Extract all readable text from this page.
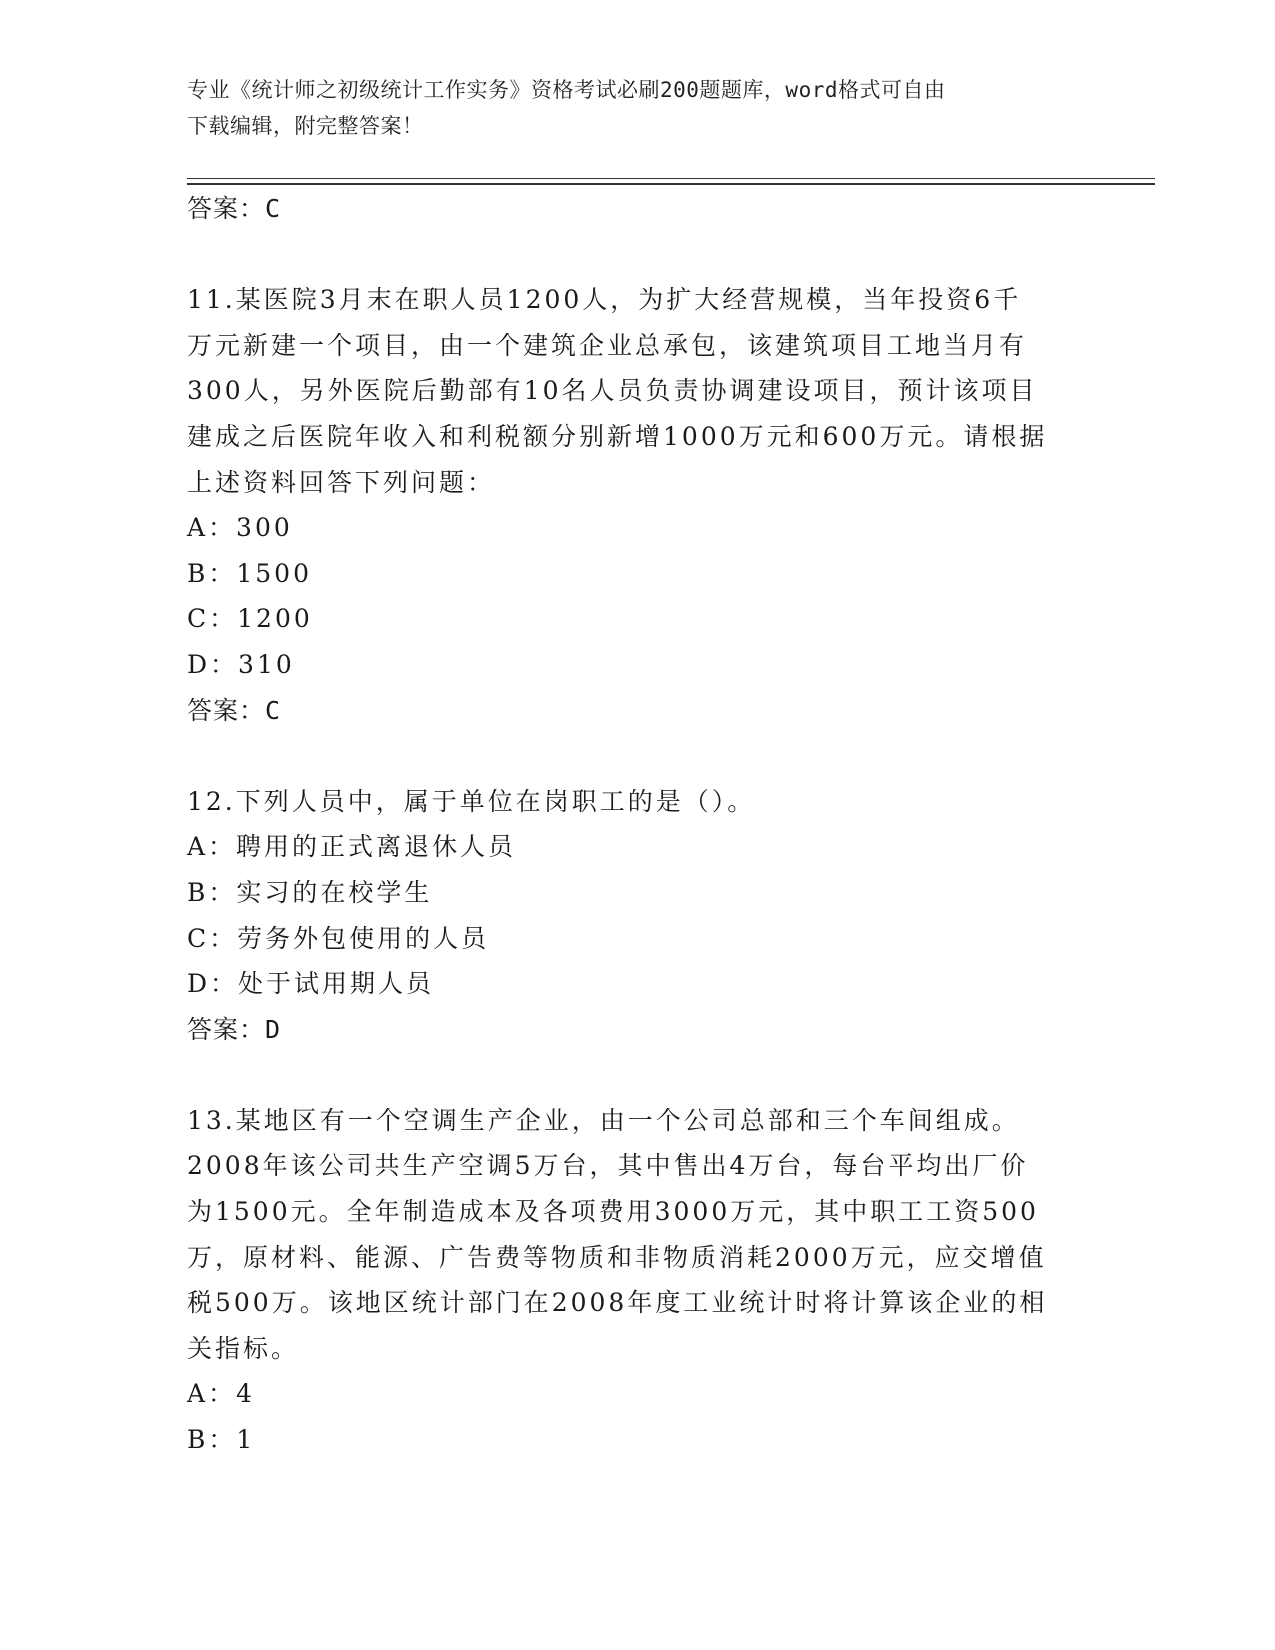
专业《统计师之初级统计工作实务》资格考试必刷200题题库，word格式可自由
下载编辑，附完整答案！
答案：C
11.某医院3月末在职人员1200人，为扩大经营规模，当年投资6千
万元新建一个项目，由一个建筑企业总承包，该建筑项目工地当月有
300人，另外医院后勤部有10名人员负责协调建设项目，预计该项目
建成之后医院年收入和利税额分别新增1000万元和600万元。请根据
上述资料回答下列问题：
A：300
B：1500
C：1200
D：310
答案：C
12.下列人员中，属于单位在岗职工的是（）。
A：聘用的正式离退休人员
B：实习的在校学生
C：劳务外包使用的人员
D：处于试用期人员
答案：D
13.某地区有一个空调生产企业，由一个公司总部和三个车间组成。
2008年该公司共生产空调5万台，其中售出4万台，每台平均出厂价
为1500元。全年制造成本及各项费用3000万元，其中职工工资500
万，原材料、能源、广告费等物质和非物质消耗2000万元，应交增值
税500万。该地区统计部门在2008年度工业统计时将计算该企业的相
关指标。
A：4
B：1
